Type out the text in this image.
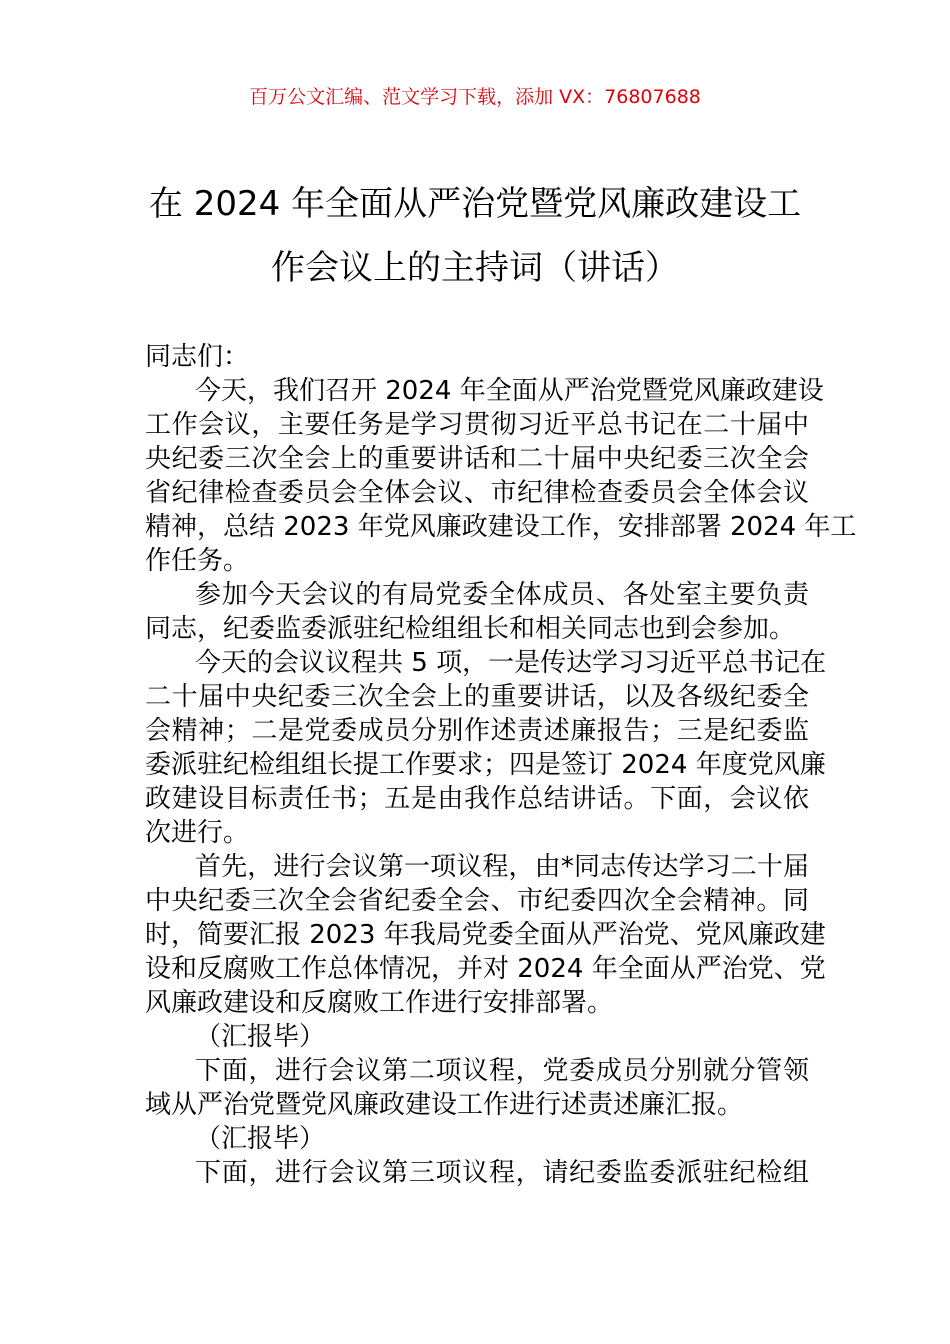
百万公文汇编、范文学习下载，添加 VX：76807688
在 2024 年全面从严治党暨党风廉政建设工
作会议上的主持词（讲话）
同志们：
今天，我们召开 2024 年全面从严治党暨党风廉政建设
工作会议，主要任务是学习贯彻习近平总书记在二十届中
央纪委三次全会上的重要讲话和二十届中央纪委三次全会
省纪律检查委员会全体会议、市纪律检查委员会全体会议
精神，总结 2023 年党风廉政建设工作，安排部署 2024 年工
作任务。
参加今天会议的有局党委全体成员、各处室主要负责
同志，纪委监委派驻纪检组组长和相关同志也到会参加。
今天的会议议程共 5 项，一是传达学习习近平总书记在
二十届中央纪委三次全会上的重要讲话，以及各级纪委全
会精神；二是党委成员分别作述责述廉报告；三是纪委监
委派驻纪检组组长提工作要求；四是签订 2024 年度党风廉
政建设目标责任书；五是由我作总结讲话。下面，会议依
次进行。
首先，进行会议第一项议程，由*同志传达学习二十届
中央纪委三次全会省纪委全会、市纪委四次全会精神。同
时，简要汇报 2023 年我局党委全面从严治党、党风廉政建
设和反腐败工作总体情况，并对 2024 年全面从严治党、党
风廉政建设和反腐败工作进行安排部署。
（汇报毕）
下面，进行会议第二项议程，党委成员分别就分管领
域从严治党暨党风廉政建设工作进行述责述廉汇报。
（汇报毕）
下面，进行会议第三项议程，请纪委监委派驻纪检组
